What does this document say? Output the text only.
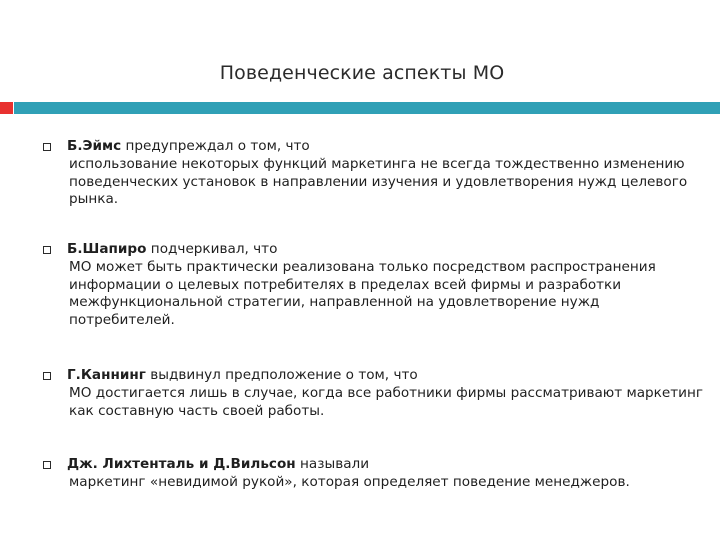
Поведенческие аспекты МО
Б.Эймс предупреждал о том, что
использование некоторых функций маркетинга не всегда тождественно изменению поведенческих установок в направлении изучения и удовлетворения нужд целевого рынка.
Б.Шапиро подчеркивал, что
МО может быть практически реализована только посредством распространения информации о целевых потребителях в пределах всей фирмы и разработки межфункциональной стратегии, направленной на удовлетворение нужд потребителей.
Г.Каннинг выдвинул предположение о том, что
МО достигается лишь в случае, когда все работники фирмы рассматривают маркетинг как составную часть своей работы.
Дж. Лихтенталь и Д.Вильсон называли
маркетинг «невидимой рукой», которая определяет поведение менеджеров.
